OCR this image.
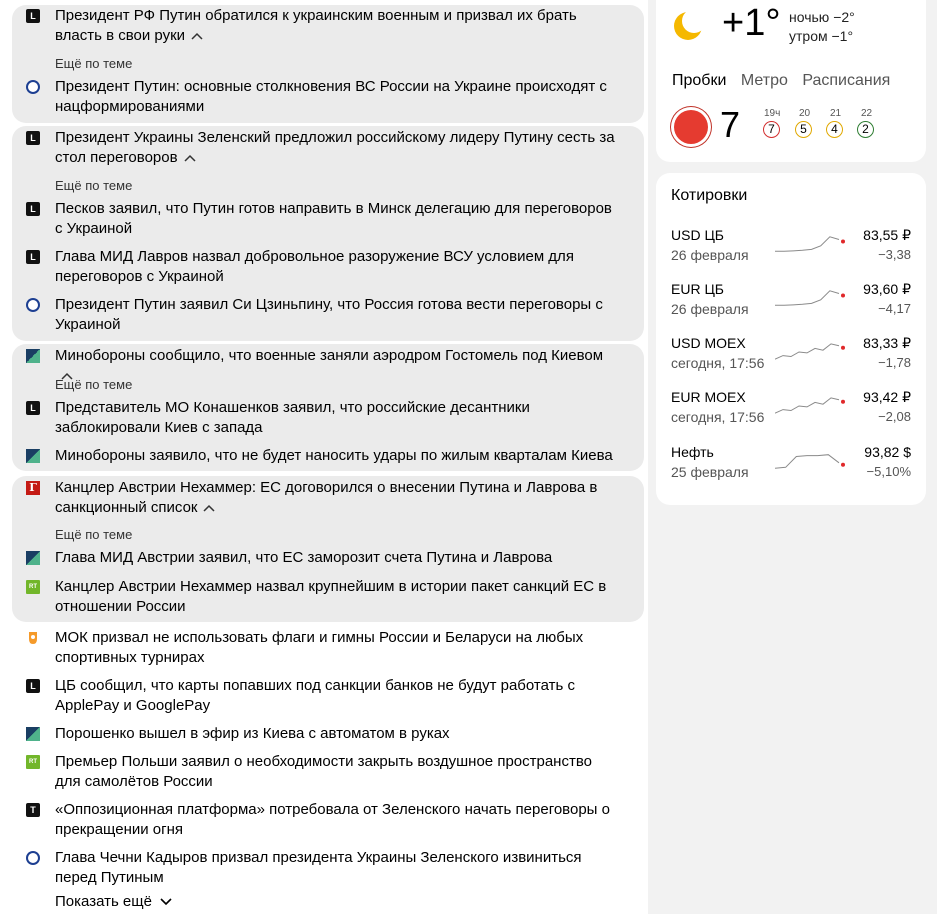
L
Президент РФ Путин обратился к украинским военным и призвал их брать власть в свои руки
Ещё по теме
Президент Путин: основные столкновения ВС России на Украине происходят с нацформированиями
L
Президент Украины Зеленский предложил российскому лидеру Путину сесть за стол переговоров
Ещё по теме
L
Песков заявил, что Путин готов направить в Минск делегацию для переговоров с Украиной
L
Глава МИД Лавров назвал добровольное разоружение ВСУ условием для переговоров с Украиной
Президент Путин заявил Си Цзиньпину, что Россия готова вести переговоры с Украиной
Минобороны сообщило, что военные заняли аэродром Гостомель под Киевом
Ещё по теме
L
Представитель МО Конашенков заявил, что российские десантники заблокировали Киев с запада
Минобороны заявило, что не будет наносить удары по жилым кварталам Киева
Г Канцлер Австрии Нехаммер: ЕС договорился о внесении Путина и Лаврова в санкционный список
Ещё по теме
Глава МИД Австрии заявил, что ЕС заморозит счета Путина и Лаврова
RT Канцлер Австрии Нехаммер назвал крупнейшим в истории пакет санкций ЕС в отношении России
МОК призвал не использовать флаги и гимны России и Беларуси на любых спортивных турнирах
L
ЦБ сообщил, что карты попавших под санкции банков не будут работать с ApplePay и GooglePay
Порошенко вышел в эфир из Киева с автоматом в руках
RT Премьер Польши заявил о необходимости закрыть воздушное пространство для самолётов России
T
«Оппозиционная платформа» потребовала от Зеленского начать переговоры о прекращении огня
Глава Чечни Кадыров призвал президента Украины Зеленского извиниться перед Путиным
Показать ещё
+1° ночью −2°
утром −1°
Пробки Метро Расписания
7 19ч 20 21 22
7	5	4	2
Котировки
USD ЦБ
26 февраля
83,55 ₽
−3,38
EUR ЦБ
26 февраля
93,60 ₽
−4,17
USD MOEX
сегодня, 17:56
83,33 ₽
−1,78
EUR MOEX
сегодня, 17:56
93,42 ₽
−2,08
Нефть
25 февраля
93,82 $
−5,10%
